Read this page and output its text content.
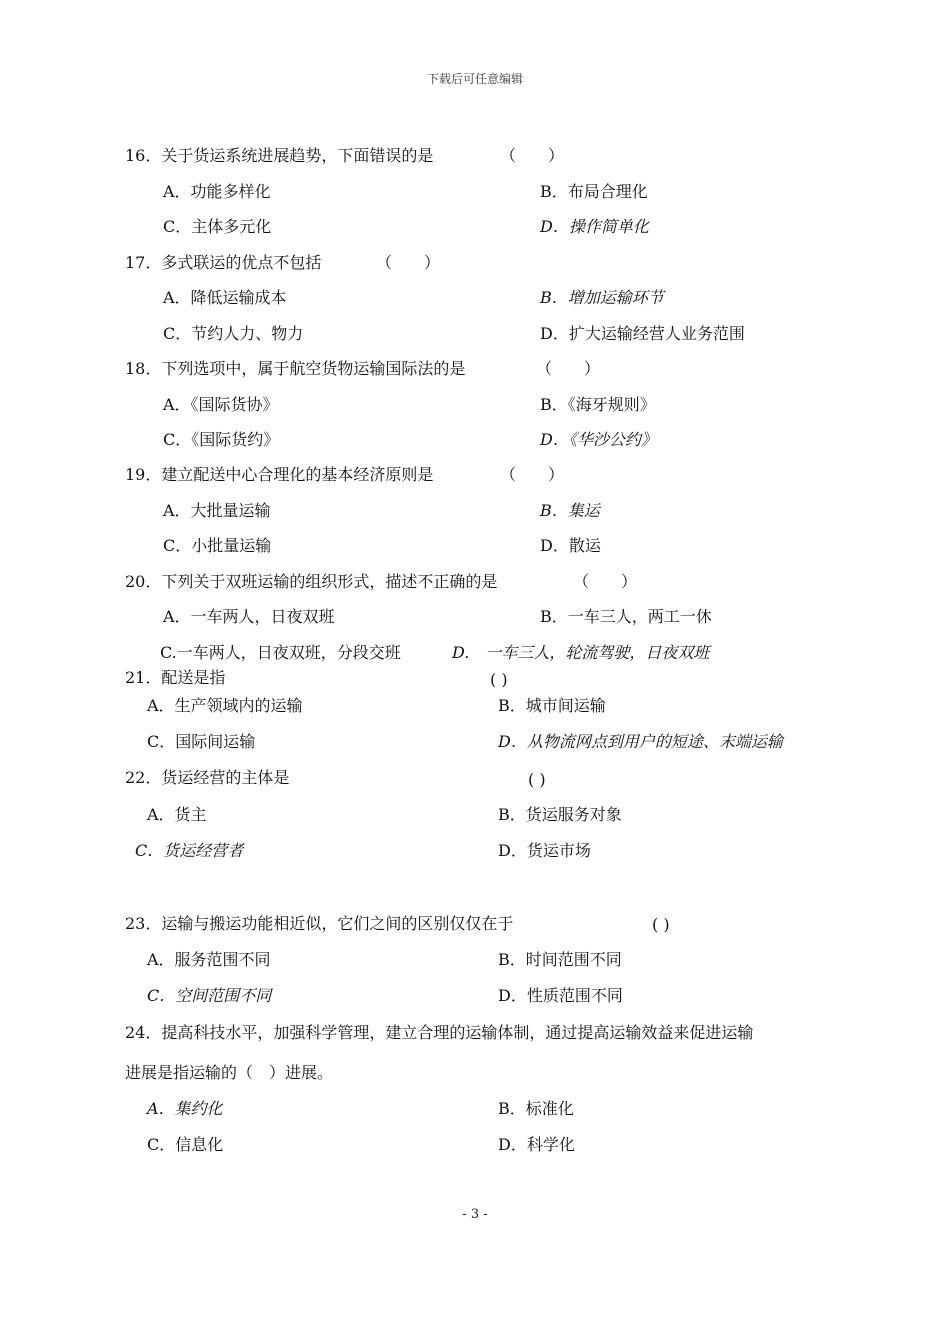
下载后可任意编辑
16．关于货运系统进展趋势，下面错误的是	（　　）
A．功能多样化	B．布局合理化
C．主体多元化	D．操作简单化
17．多式联运的优点不包括	（　　）
A．降低运输成本	B．增加运输环节
C．节约人力、物力	D．扩大运输经营人业务范围
18．下列选项中，属于航空货物运输国际法的是	（　　）
A．《国际货协》	B．《海牙规则》
C．《国际货约》	D．《华沙公约》
19．建立配送中心合理化的基本经济原则是	（　　）
A．大批量运输	B．集运
C．小批量运输	D．散运
20．下列关于双班运输的组织形式，描述不正确的是	（　　）
A．一车两人，日夜双班	B．一车三人，两工一休
C.一车两人，日夜双班，分段交班	D.　一车三人，轮流驾驶，日夜双班
21．配送是指	( )
A．生产领域内的运输	B．城市间运输
C．国际间运输	D．从物流网点到用户的短途、末端运输
22．货运经营的主体是	( )
A．货主	B．货运服务对象
C．货运经营者	D．货运市场
23．运输与搬运功能相近似，它们之间的区别仅仅在于	( )
A．服务范围不同	B．时间范围不同
C．空间范围不同	D．性质范围不同
24．提高科技水平，加强科学管理，建立合理的运输体制，通过提高运输效益来促进运输
进展是指运输的（　）进展。
A．集约化	B．标准化
C．信息化	D．科学化
- 3 -
